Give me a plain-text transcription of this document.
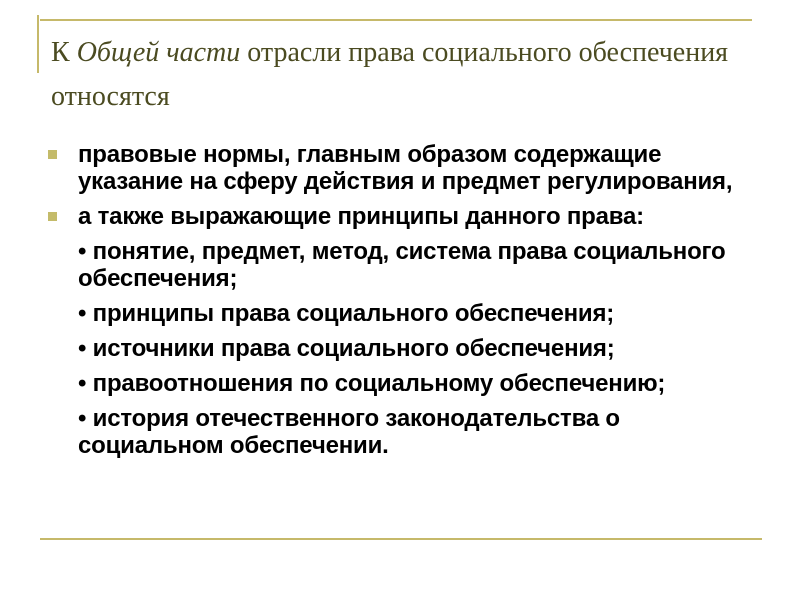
К Общей части отрасли права социального обеспечения относятся
правовые нормы, главным образом содержащие указание на сферу действия и предмет регулирования,
а также выражающие принципы данного права:
• понятие, предмет, метод, система права социального обеспечения;
• принципы права социального обеспечения;
• источники права социального обеспечения;
• правоотношения по социальному обеспечению;
• история отечественного законодательства о социальном обеспечении.
